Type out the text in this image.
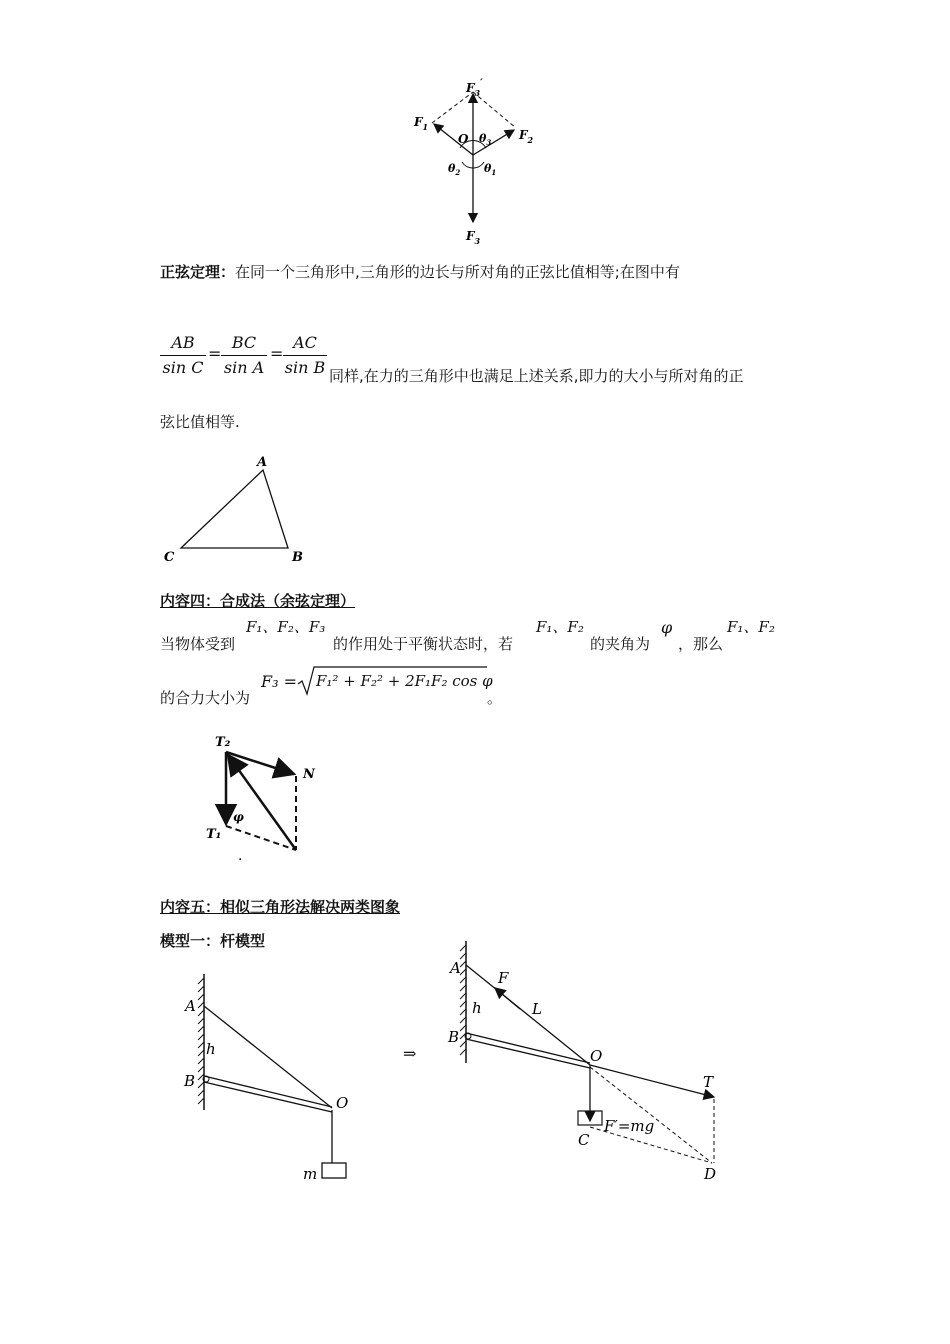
$F_3'$
$F_1$
$F_2$
O $\theta_3$
$\theta_2$ $\theta_1$
$F_3$
正弦定理：在同一个三角形中,三角形的边长与所对角的正弦比值相等;在图中有
AB
sin C
=
BC
sin A
=
AC
sin B 同样,在力的三角形中也满足上述关系,即力的大小与所对角的正
弦比值相等.
A
B
C
内容四：合成法（余弦定理）
当物体受到
F₁、F₂、F₃
的作用处于平衡状态时，若
F₁、F₂
的夹角为
φ
，那么
F₁、F₂
的合力大小为
F₃ = F₁² + F₂² + 2F₁F₂ cos φ
。
T₂
N
φ
T₁
·
内容五：相似三角形法解决两类图象
模型一：杆模型
A
h
B
O
m
⇒
A
F
L
h
B
O
T
F′=mg
C
D
